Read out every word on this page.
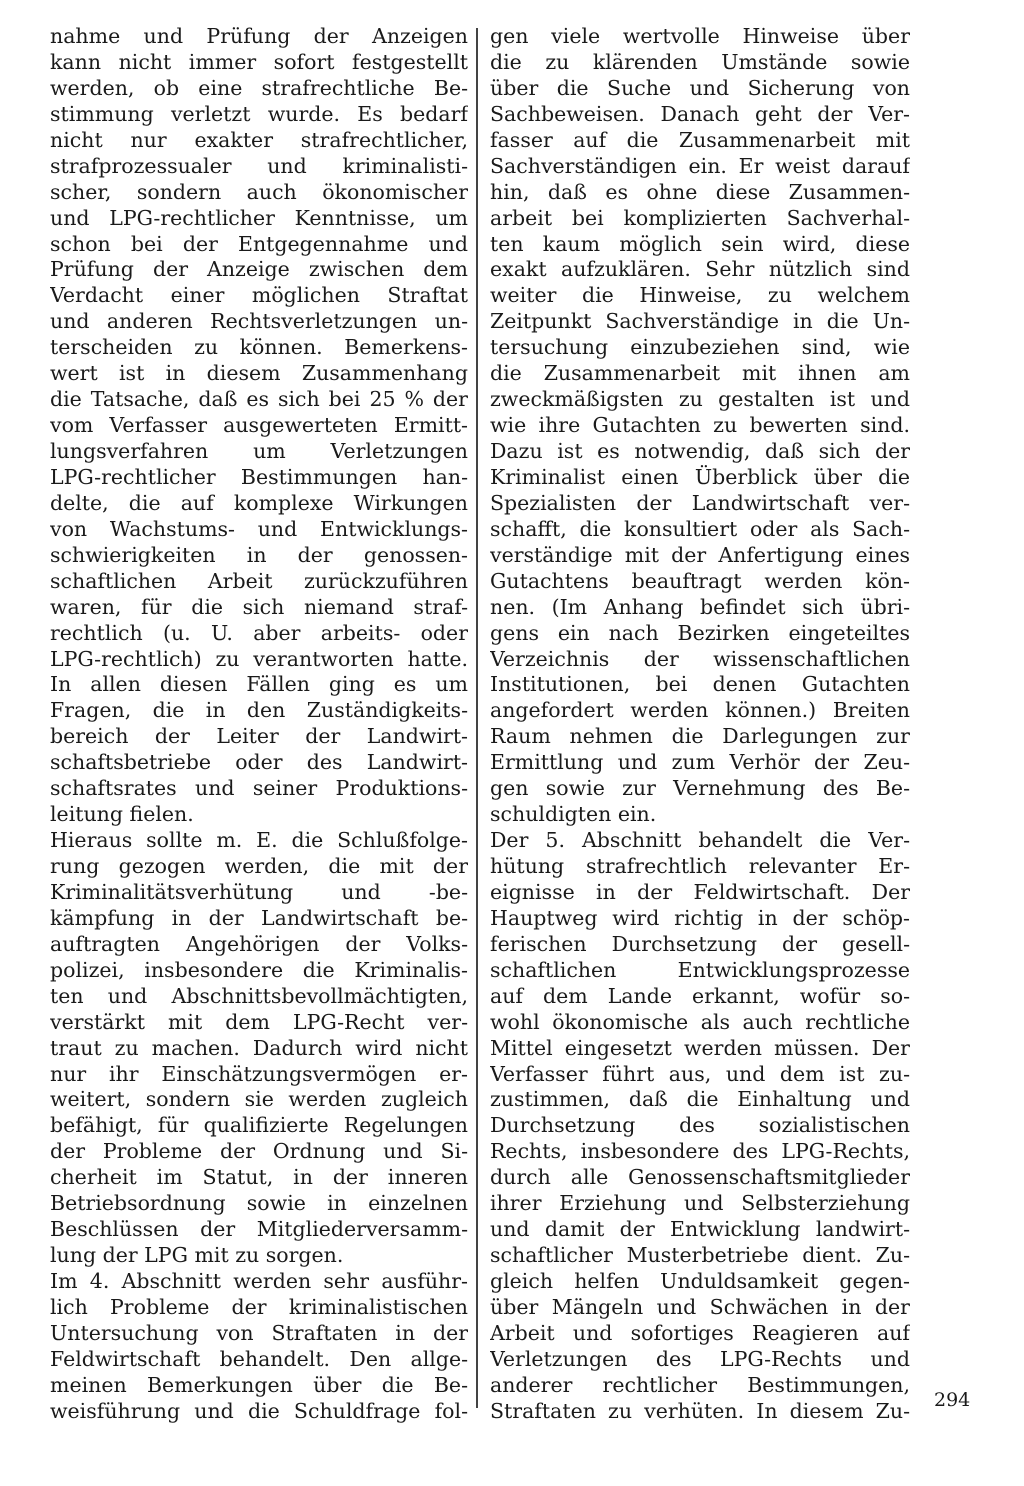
nahme und Prüfung der Anzeigen
kann nicht immer sofort festgestellt
werden, ob eine strafrechtliche Be-
stimmung verletzt wurde. Es bedarf
nicht nur exakter strafrechtlicher,
strafprozessualer und kriminalisti-
scher, sondern auch ökonomischer
und LPG-rechtlicher Kenntnisse, um
schon bei der Entgegennahme und
Prüfung der Anzeige zwischen dem
Verdacht einer möglichen Straftat
und anderen Rechtsverletzungen un-
terscheiden zu können. Bemerkens-
wert ist in diesem Zusammenhang
die Tatsache, daß es sich bei 25 % der
vom Verfasser ausgewerteten Ermitt-
lungsverfahren um Verletzungen
LPG-rechtlicher Bestimmungen han-
delte, die auf komplexe Wirkungen
von Wachstums- und Entwicklungs-
schwierigkeiten in der genossen-
schaftlichen Arbeit zurückzuführen
waren, für die sich niemand straf-
rechtlich (u. U. aber arbeits- oder
LPG-rechtlich) zu verantworten hatte.
In allen diesen Fällen ging es um
Fragen, die in den Zuständigkeits-
bereich der Leiter der Landwirt-
schaftsbetriebe oder des Landwirt-
schaftsrates und seiner Produktions-
leitung fielen.
Hieraus sollte m. E. die Schlußfolge-
rung gezogen werden, die mit der
Kriminalitätsverhütung und -be-
kämpfung in der Landwirtschaft be-
auftragten Angehörigen der Volks-
polizei, insbesondere die Kriminalis-
ten und Abschnittsbevollmächtigten,
verstärkt mit dem LPG-Recht ver-
traut zu machen. Dadurch wird nicht
nur ihr Einschätzungsvermögen er-
weitert, sondern sie werden zugleich
befähigt, für qualifizierte Regelungen
der Probleme der Ordnung und Si-
cherheit im Statut, in der inneren
Betriebsordnung sowie in einzelnen
Beschlüssen der Mitgliederversamm-
lung der LPG mit zu sorgen.
Im 4. Abschnitt werden sehr ausführ-
lich Probleme der kriminalistischen
Untersuchung von Straftaten in der
Feldwirtschaft behandelt. Den allge-
meinen Bemerkungen über die Be-
weisführung und die Schuldfrage fol-
gen viele wertvolle Hinweise über
die zu klärenden Umstände sowie
über die Suche und Sicherung von
Sachbeweisen. Danach geht der Ver-
fasser auf die Zusammenarbeit mit
Sachverständigen ein. Er weist darauf
hin, daß es ohne diese Zusammen-
arbeit bei komplizierten Sachverhal-
ten kaum möglich sein wird, diese
exakt aufzuklären. Sehr nützlich sind
weiter die Hinweise, zu welchem
Zeitpunkt Sachverständige in die Un-
tersuchung einzubeziehen sind, wie
die Zusammenarbeit mit ihnen am
zweckmäßigsten zu gestalten ist und
wie ihre Gutachten zu bewerten sind.
Dazu ist es notwendig, daß sich der
Kriminalist einen Überblick über die
Spezialisten der Landwirtschaft ver-
schafft, die konsultiert oder als Sach-
verständige mit der Anfertigung eines
Gutachtens beauftragt werden kön-
nen. (Im Anhang befindet sich übri-
gens ein nach Bezirken eingeteiltes
Verzeichnis der wissenschaftlichen
Institutionen, bei denen Gutachten
angefordert werden können.) Breiten
Raum nehmen die Darlegungen zur
Ermittlung und zum Verhör der Zeu-
gen sowie zur Vernehmung des Be-
schuldigten ein.
Der 5. Abschnitt behandelt die Ver-
hütung strafrechtlich relevanter Er-
eignisse in der Feldwirtschaft. Der
Hauptweg wird richtig in der schöp-
ferischen Durchsetzung der gesell-
schaftlichen Entwicklungsprozesse
auf dem Lande erkannt, wofür so-
wohl ökonomische als auch rechtliche
Mittel eingesetzt werden müssen. Der
Verfasser führt aus, und dem ist zu-
zustimmen, daß die Einhaltung und
Durchsetzung des sozialistischen
Rechts, insbesondere des LPG-Rechts,
durch alle Genossenschaftsmitglieder
ihrer Erziehung und Selbsterziehung
und damit der Entwicklung landwirt-
schaftlicher Musterbetriebe dient. Zu-
gleich helfen Unduldsamkeit gegen-
über Mängeln und Schwächen in der
Arbeit und sofortiges Reagieren auf
Verletzungen des LPG-Rechts und
anderer rechtlicher Bestimmungen,
Straftaten zu verhüten. In diesem Zu- 294
